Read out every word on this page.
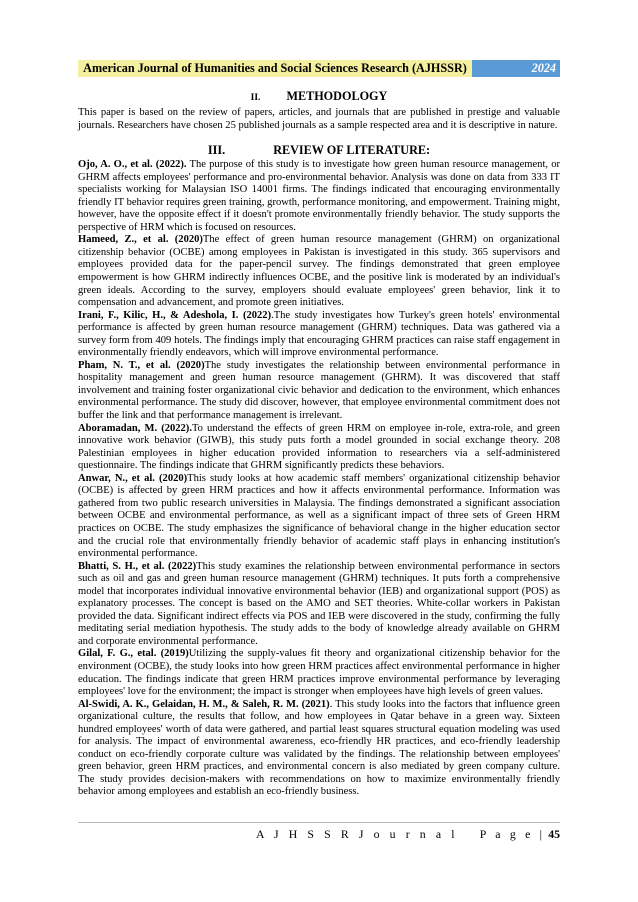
American Journal of Humanities and Social Sciences Research (AJHSSR)	2024
II. METHODOLOGY

This paper is based on the review of papers, articles, and journals that are published in prestige and valuable journals. Researchers have chosen 25 published journals as a sample respected area and it is descriptive in nature.

III.	REVIEW OF LITERATURE:

Ojo, A. O., et al. (2022). The purpose of this study is to investigate how green human resource management, or GHRM affects employees' performance and pro-environmental behavior. Analysis was done on data from 333 IT specialists working for Malaysian ISO 14001 firms. The findings indicated that encouraging environmentally friendly IT behavior requires green training, growth, performance monitoring, and empowerment. Training might, however, have the opposite effect if it doesn't promote environmentally friendly behavior. The study supports the perspective of HRM which is focused on resources.

Hameed, Z., et al. (2020)The effect of green human resource management (GHRM) on organizational citizenship behavior (OCBE) among employees in Pakistan is investigated in this study. 365 supervisors and employees provided data for the paper-pencil survey. The findings demonstrated that green employee empowerment is how GHRM indirectly influences OCBE, and the positive link is moderated by an individual's green ideals. According to the survey, employers should evaluate employees' green behavior, link it to compensation and advancement, and promote green initiatives.

Irani, F., Kilic, H., & Adeshola, I. (2022).The study investigates how Turkey's green hotels' environmental performance is affected by green human resource management (GHRM) techniques. Data was gathered via a survey form from 409 hotels. The findings imply that encouraging GHRM practices can raise staff engagement in environmentally friendly endeavors, which will improve environmental performance.

Pham, N. T., et al. (2020)The study investigates the relationship between environmental performance in hospitality management and green human resource management (GHRM). It was discovered that staff involvement and training foster organizational civic behavior and dedication to the environment, which enhances environmental performance. The study did discover, however, that employee environmental commitment does not buffer the link and that performance management is irrelevant.

Aboramadan, M. (2022).To understand the effects of green HRM on employee in-role, extra-role, and green innovative work behavior (GIWB), this study puts forth a model grounded in social exchange theory. 208 Palestinian employees in higher education provided information to researchers via a self-administered questionnaire. The findings indicate that GHRM significantly predicts these behaviors.

Anwar, N., et al. (2020)This study looks at how academic staff members' organizational citizenship behavior (OCBE) is affected by green HRM practices and how it affects environmental performance. Information was gathered from two public research universities in Malaysia. The findings demonstrated a significant association between OCBE and environmental performance, as well as a significant impact of three sets of Green HRM practices on OCBE. The study emphasizes the significance of behavioral change in the higher education sector and the crucial role that environmentally friendly behavior of academic staff plays in enhancing institution's environmental performance.

Bhatti, S. H., et al. (2022)This study examines the relationship between environmental performance in sectors such as oil and gas and green human resource management (GHRM) techniques. It puts forth a comprehensive model that incorporates individual innovative environmental behavior (IEB) and organizational support (POS) as explanatory processes. The concept is based on the AMO and SET theories. White-collar workers in Pakistan provided the data. Significant indirect effects via POS and IEB were discovered in the study, confirming the fully meditating serial mediation hypothesis. The study adds to the body of knowledge already available on GHRM and corporate environmental performance.

Gilal, F. G., etal. (2019)Utilizing the supply-values fit theory and organizational citizenship behavior for the environment (OCBE), the study looks into how green HRM practices affect environmental performance in higher education. The findings indicate that green HRM practices improve environmental performance by leveraging employees' love for the environment; the impact is stronger when employees have high levels of green values.

Al-Swidi, A. K., Gelaidan, H. M., & Saleh, R. M. (2021). This study looks into the factors that influence green organizational culture, the results that follow, and how employees in Qatar behave in a green way. Sixteen hundred employees' worth of data were gathered, and partial least squares structural equation modeling was used for analysis. The impact of environmental awareness, eco-friendly HR practices, and eco-friendly leadership conduct on eco-friendly corporate culture was validated by the findings. The relationship between employees' green behavior, green HRM practices, and environmental concern is also mediated by green company culture. The study provides decision-makers with recommendations on how to maximize environmentally friendly behavior among employees and establish an eco-friendly business.

A J H S S R J o u r n a l P a g e | 45
